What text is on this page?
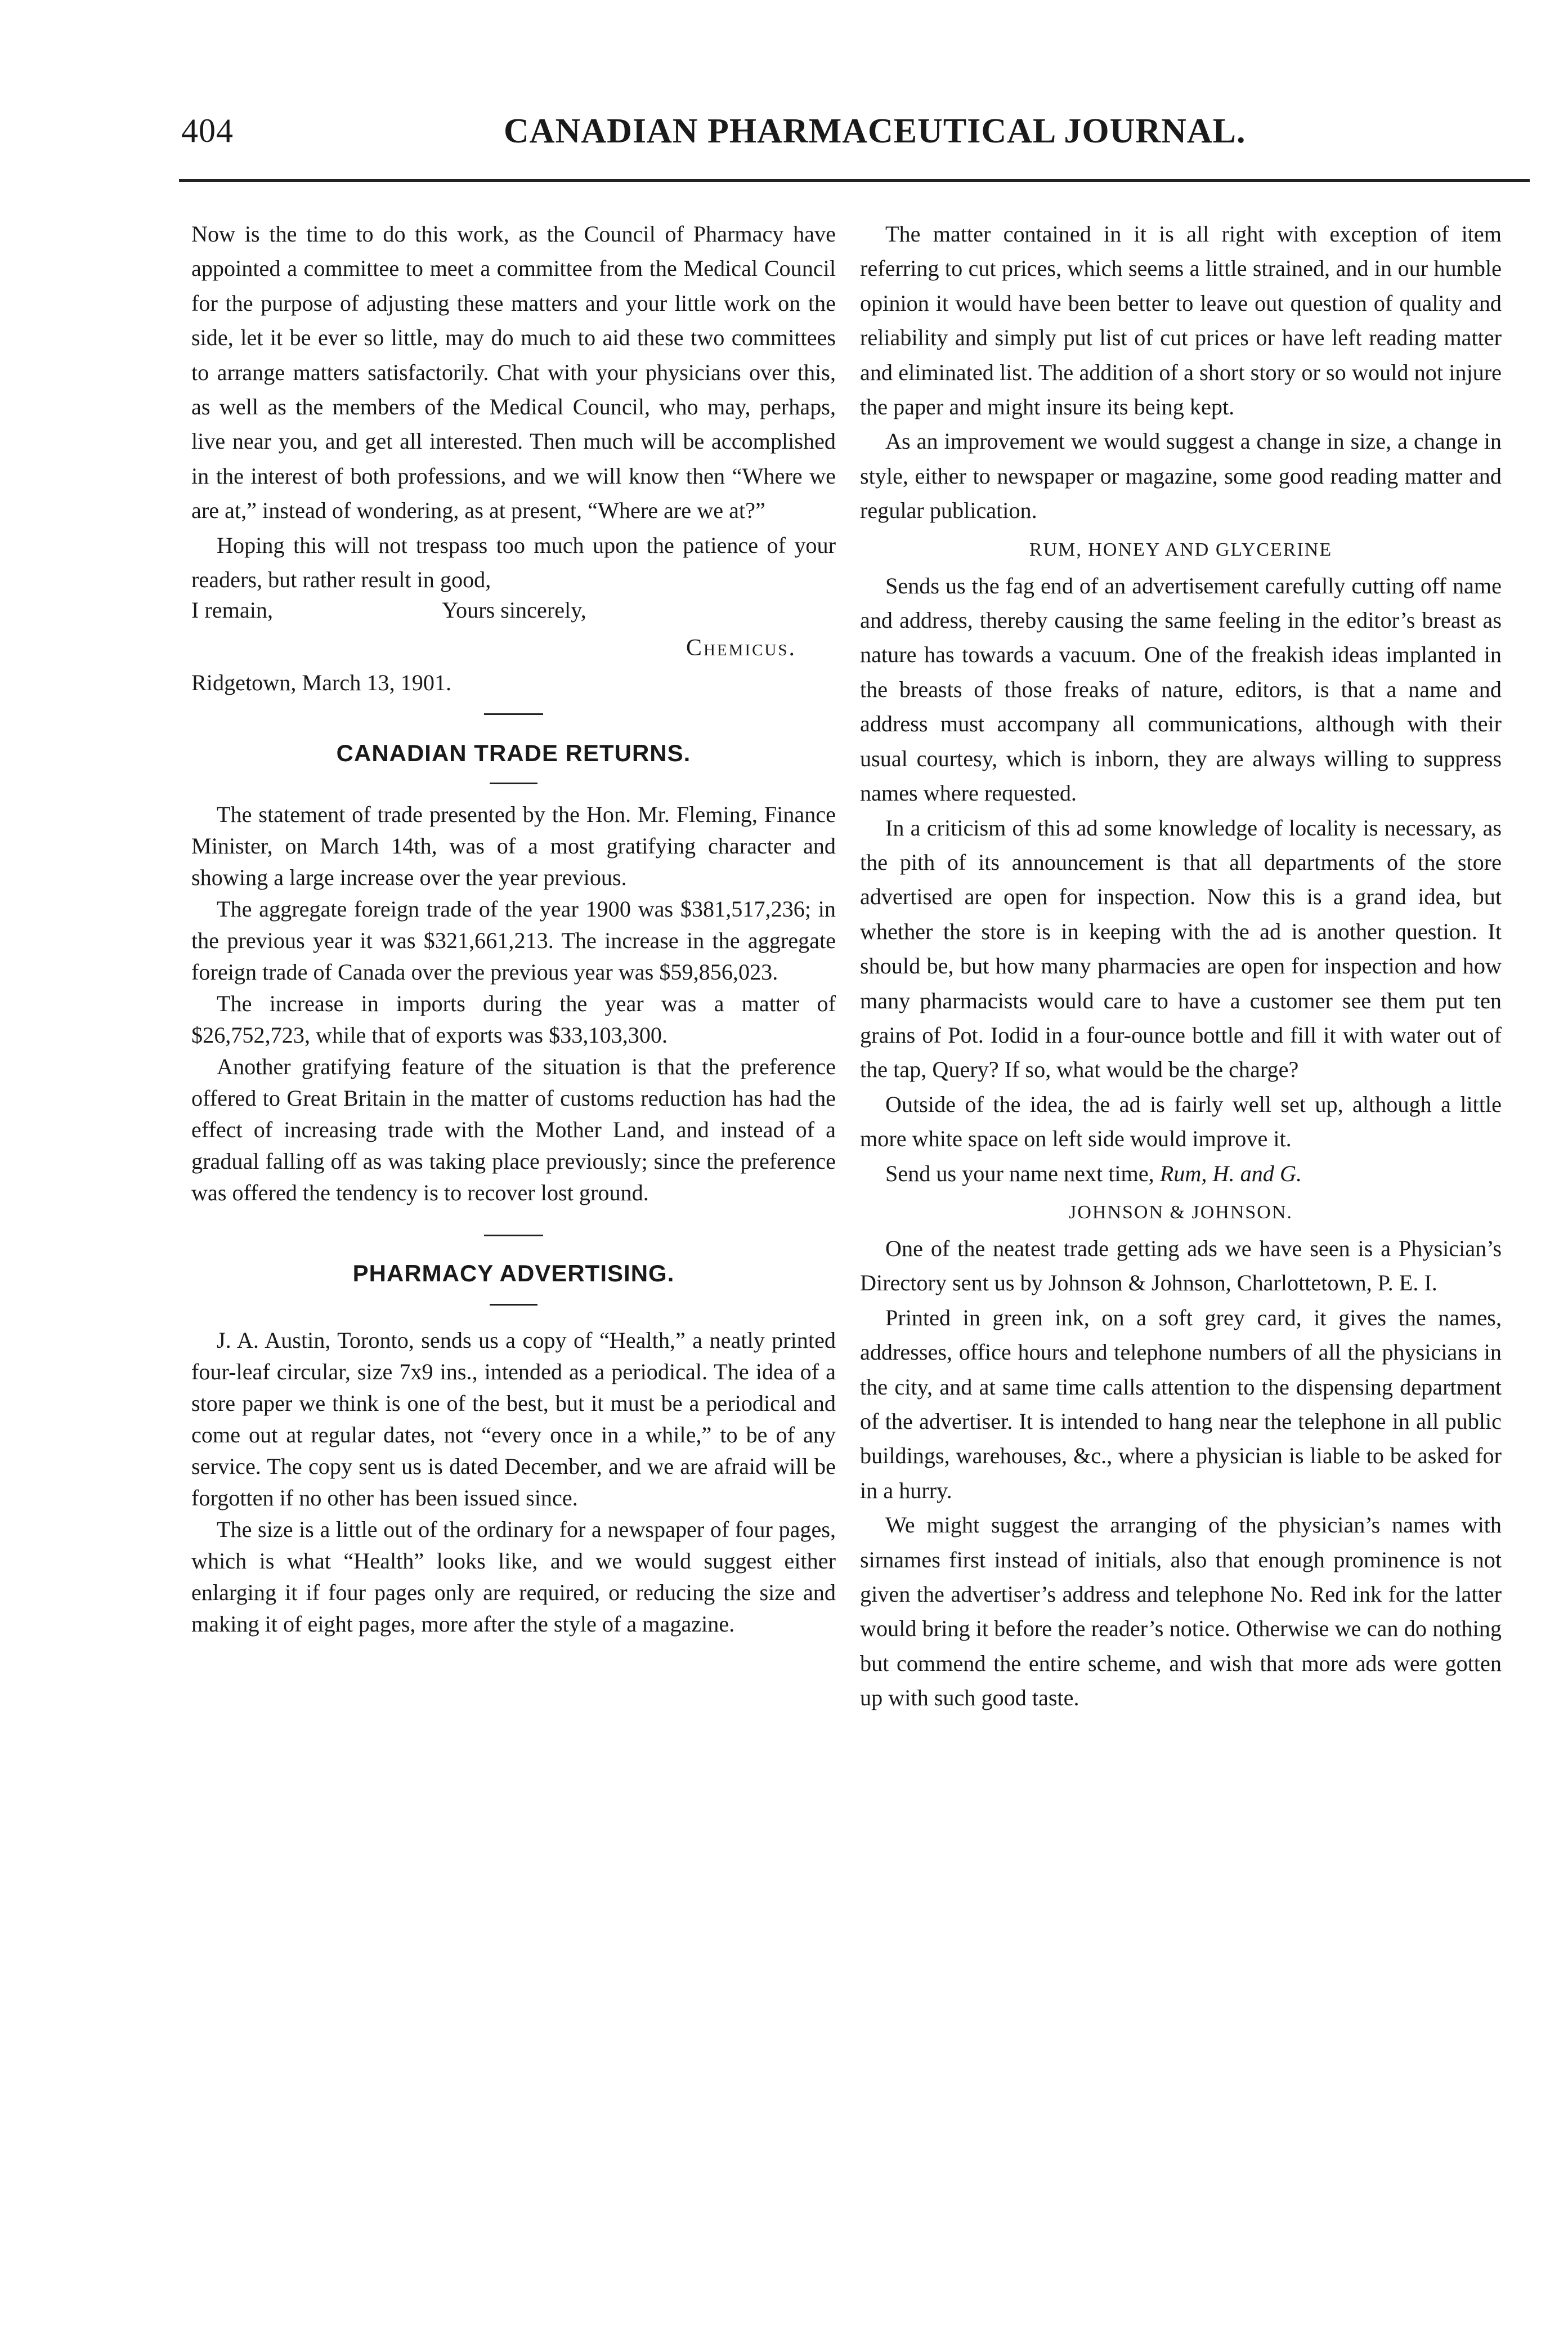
404	CANADIAN PHARMACEUTICAL JOURNAL.

Now is the time to do this work, as the Council of Pharmacy have appointed a committee to meet a committee from the Medical Council for the purpose of adjusting these matters and your little work on the side, let it be ever so little, may do much to aid these two committees to arrange matters satisfactorily. Chat with your physicians over this, as well as the members of the Medical Council, who may, perhaps, live near you, and get all interested. Then much will be accomplished in the interest of both professions, and we will know then “Where we are at,” instead of wondering, as at present, “Where are we at?”

Hoping this will not trespass too much upon the patience of your readers, but rather result in good,

I remain,	Yours sincerely,
Chemicus.
Ridgetown, March 13, 1901.
CANADIAN TRADE RETURNS.

The statement of trade presented by the Hon. Mr. Fleming, Finance Minister, on March 14th, was of a most gratifying character and showing a large increase over the year previous.

The aggregate foreign trade of the year 1900 was $381,517,236; in the previous year it was $321,661,213. The increase in the aggregate foreign trade of Canada over the previous year was $59,856,023.

The increase in imports during the year was a matter of $26,752,723, while that of exports was $33,103,300.

Another gratifying feature of the situation is that the preference offered to Great Britain in the matter of customs reduction has had the effect of increasing trade with the Mother Land, and instead of a gradual falling off as was taking place previously; since the preference was offered the tendency is to recover lost ground.

PHARMACY ADVERTISING.

J. A. Austin, Toronto, sends us a copy of “Health,” a neatly printed four-leaf circular, size 7x9 ins., intended as a periodical. The idea of a store paper we think is one of the best, but it must be a periodical and come out at regular dates, not “every once in a while,” to be of any service. The copy sent us is dated December, and we are afraid will be forgotten if no other has been issued since.

The size is a little out of the ordinary for a newspaper of four pages, which is what “Health” looks like, and we would suggest either enlarging it if four pages only are required, or reducing the size and making it of eight pages, more after the style of a magazine.

The matter contained in it is all right with exception of item referring to cut prices, which seems a little strained, and in our humble opinion it would have been better to leave out question of quality and reliability and simply put list of cut prices or have left reading matter and eliminated list. The addition of a short story or so would not injure the paper and might insure its being kept.

As an improvement we would suggest a change in size, a change in style, either to newspaper or magazine, some good reading matter and regular publication.

RUM, HONEY AND GLYCERINE

Sends us the fag end of an advertisement carefully cutting off name and address, thereby causing the same feeling in the editor’s breast as nature has towards a vacuum. One of the freakish ideas implanted in the breasts of those freaks of nature, editors, is that a name and address must accompany all communications, although with their usual courtesy, which is inborn, they are always willing to suppress names where requested.

In a criticism of this ad some knowledge of locality is necessary, as the pith of its announcement is that all departments of the store advertised are open for inspection. Now this is a grand idea, but whether the store is in keeping with the ad is another question. It should be, but how many pharmacies are open for inspection and how many pharmacists would care to have a customer see them put ten grains of Pot. Iodid in a four-ounce bottle and fill it with water out of the tap, Query? If so, what would be the charge?

Outside of the idea, the ad is fairly well set up, although a little more white space on left side would improve it.

Send us your name next time, Rum, H. and G.

JOHNSON & JOHNSON.

One of the neatest trade getting ads we have seen is a Physician’s Directory sent us by Johnson & Johnson, Charlottetown, P. E. I.

Printed in green ink, on a soft grey card, it gives the names, addresses, office hours and telephone numbers of all the physicians in the city, and at same time calls attention to the dispensing department of the advertiser. It is intended to hang near the telephone in all public buildings, warehouses, &c., where a physician is liable to be asked for in a hurry.

We might suggest the arranging of the physician’s names with sirnames first instead of initials, also that enough prominence is not given the advertiser’s address and telephone No. Red ink for the latter would bring it before the reader’s notice. Otherwise we can do nothing but commend the entire scheme, and wish that more ads were gotten up with such good taste.
